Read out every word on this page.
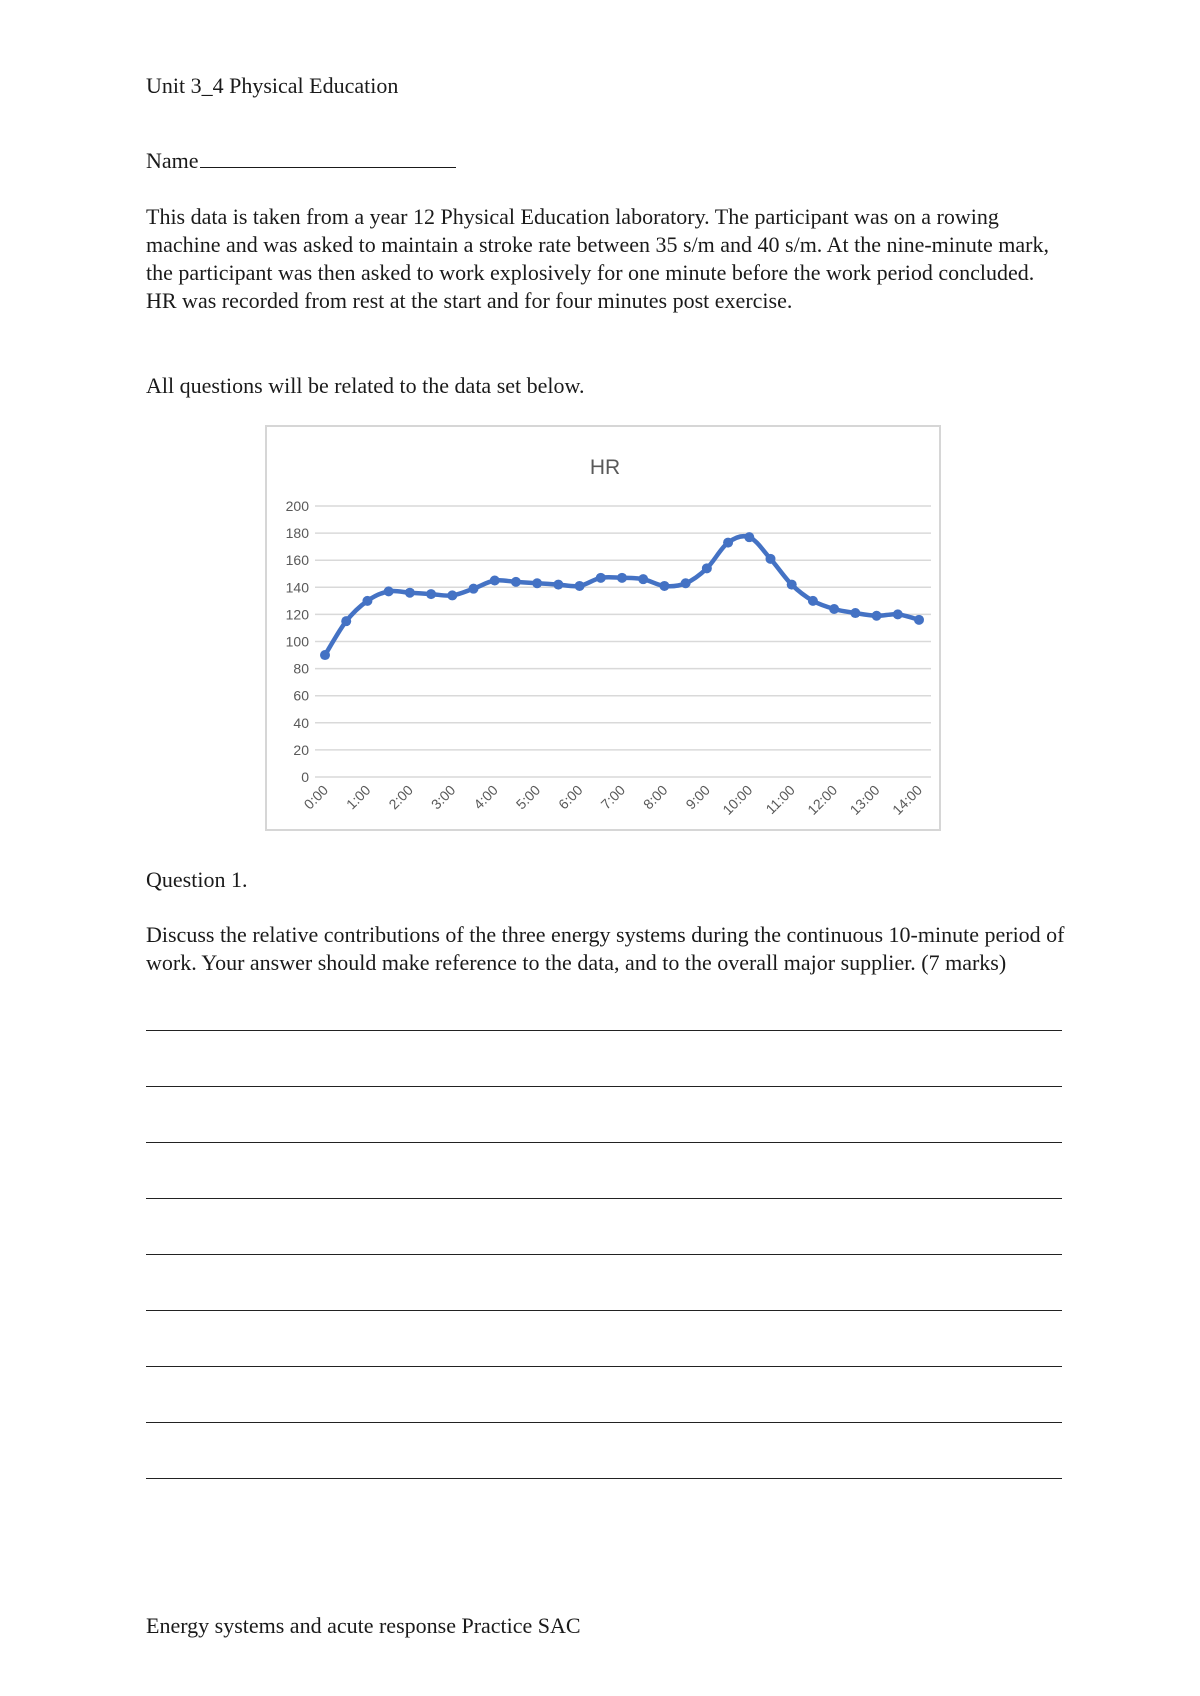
Unit 3_4 Physical Education
Name
This data is taken from a year 12 Physical Education laboratory. The participant was on a rowing machine and was asked to maintain a stroke rate between 35 s/m and 40 s/m. At the nine-minute mark, the participant was then asked to work explosively for one minute before the work period concluded. HR was recorded from rest at the start and for four minutes post exercise.
All questions will be related to the data set below.
HR
0
20
40
60
80
100
120
140
160
180
200
0:00 1:00 2:00 3:00 4:00 5:00 6:00 7:00 8:00 9:00 10:00 11:00 12:00 13:00 14:00
Question 1.
Discuss the relative contributions of the three energy systems during the continuous 10-minute period of work. Your answer should make reference to the data, and to the overall major supplier. (7 marks)
Energy systems and acute response Practice SAC
